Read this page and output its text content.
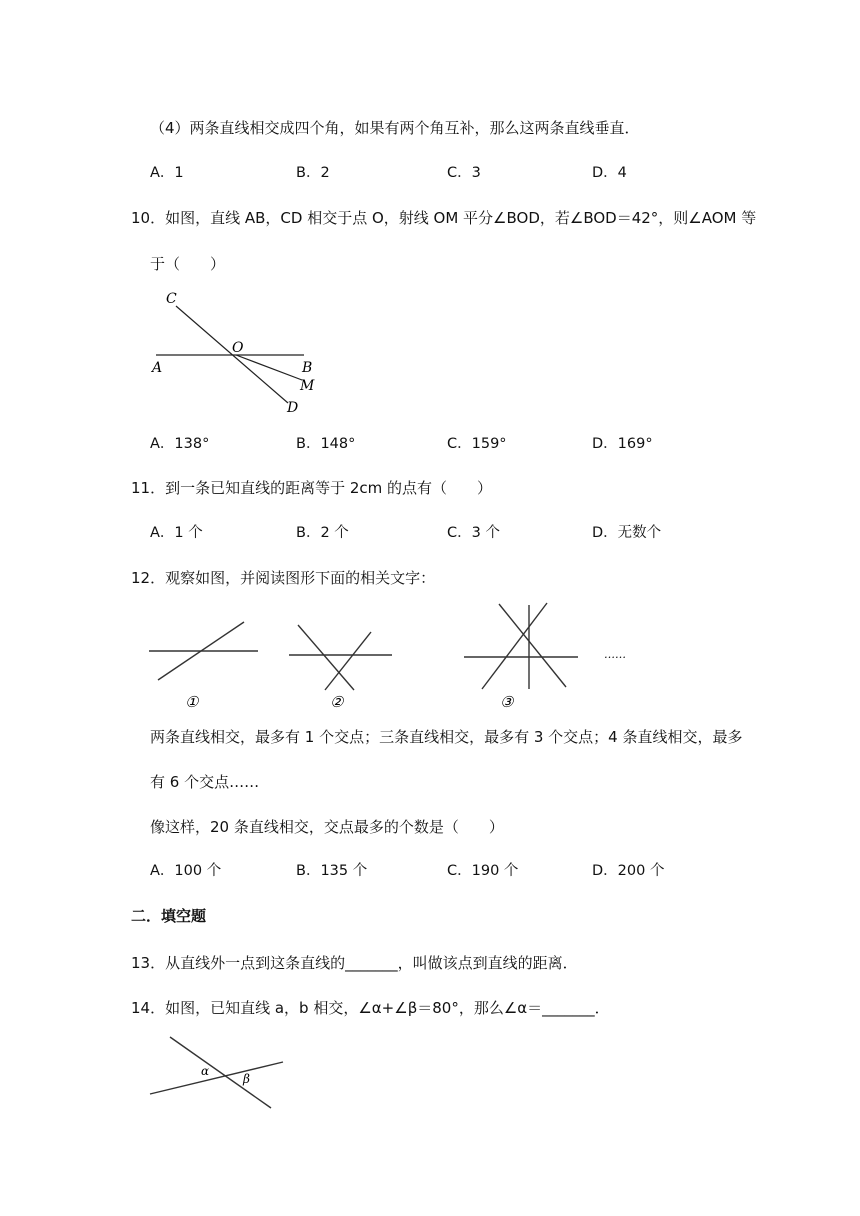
（4）两条直线相交成四个角，如果有两个角互补，那么这两条直线垂直．
A．1	B．2	C．3	D．4
10．如图，直线 AB，CD 相交于点 O，射线 OM 平分∠BOD，若∠BOD＝42°，则∠AOM 等
于（　　）
C
O
A	B
M
D
A．138°	B．148°	C．159°	D．169°
11．到一条已知直线的距离等于 2cm 的点有（　　）
A．1 个	B．2 个	C．3 个	D．无数个
12．观察如图，并阅读图形下面的相关文字：
①	②	③
……
两条直线相交，最多有 1 个交点；三条直线相交，最多有 3 个交点；4 条直线相交，最多
有 6 个交点……
像这样，20 条直线相交，交点最多的个数是（　　）
A．100 个	B．135 个	C．190 个	D．200 个
二．填空题
13．从直线外一点到这条直线的_______，叫做该点到直线的距离．
14．如图，已知直线 a，b 相交，∠α+∠β＝80°，那么∠α＝_______．
α
β
